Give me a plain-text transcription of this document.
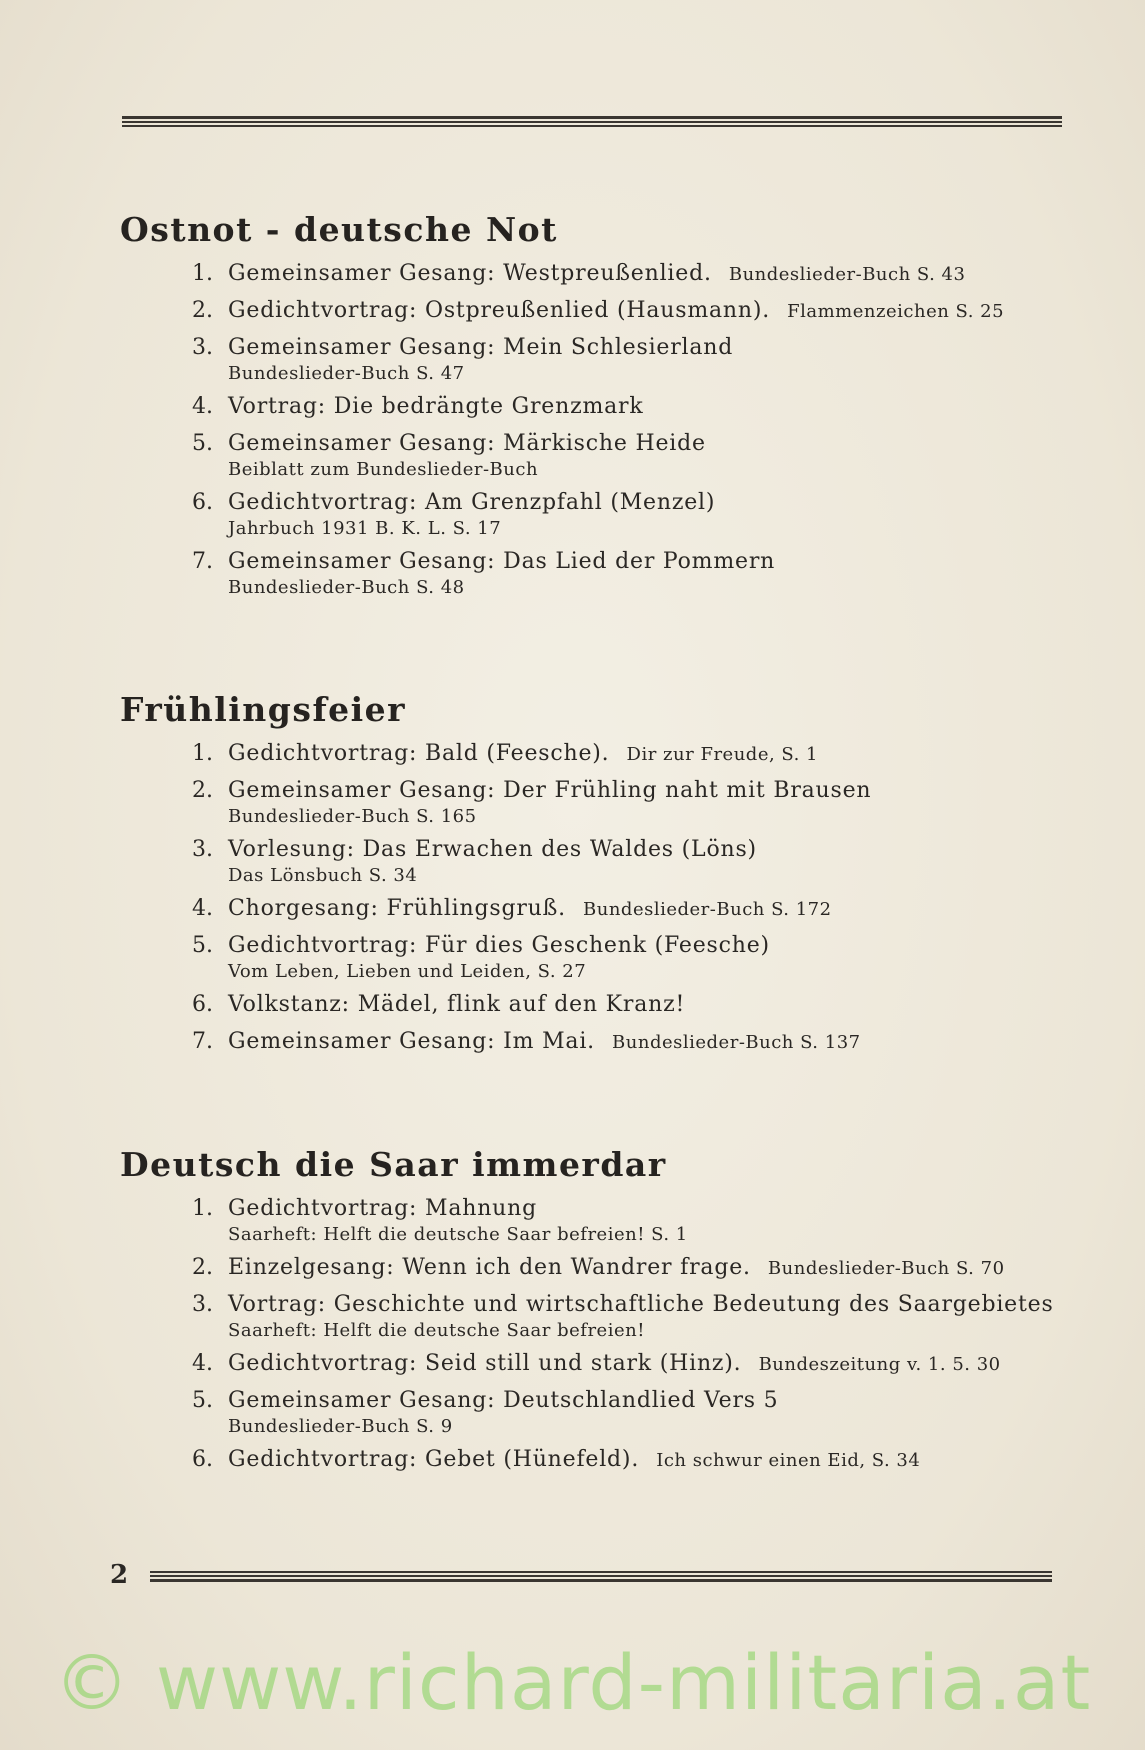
Ostnot - deutsche Not
1. Gemeinsamer Gesang: Westpreußenlied. Bundeslieder-Buch S. 43
2. Gedichtvortrag: Ostpreußenlied (Hausmann). Flammenzeichen S. 25
3. Gemeinsamer Gesang: Mein Schlesierland
Bundeslieder-Buch S. 47
4. Vortrag: Die bedrängte Grenzmark
5. Gemeinsamer Gesang: Märkische Heide
Beiblatt zum Bundeslieder-Buch
6. Gedichtvortrag: Am Grenzpfahl (Menzel)
Jahrbuch 1931 B. K. L. S. 17
7. Gemeinsamer Gesang: Das Lied der Pommern
Bundeslieder-Buch S. 48
Frühlingsfeier
1. Gedichtvortrag: Bald (Feesche). Dir zur Freude, S. 1
2. Gemeinsamer Gesang: Der Frühling naht mit Brausen
Bundeslieder-Buch S. 165
3. Vorlesung: Das Erwachen des Waldes (Löns)
Das Lönsbuch S. 34
4. Chorgesang: Frühlingsgruß. Bundeslieder-Buch S. 172
5. Gedichtvortrag: Für dies Geschenk (Feesche)
Vom Leben, Lieben und Leiden, S. 27
6. Volkstanz: Mädel, flink auf den Kranz!
7. Gemeinsamer Gesang: Im Mai. Bundeslieder-Buch S. 137
Deutsch die Saar immerdar
1. Gedichtvortrag: Mahnung
Saarheft: Helft die deutsche Saar befreien! S. 1
2. Einzelgesang: Wenn ich den Wandrer frage. Bundeslieder-Buch S. 70
3. Vortrag: Geschichte und wirtschaftliche Bedeutung des Saargebietes
Saarheft: Helft die deutsche Saar befreien!
4. Gedichtvortrag: Seid still und stark (Hinz). Bundeszeitung v. 1. 5. 30
5. Gemeinsamer Gesang: Deutschlandlied Vers 5
Bundeslieder-Buch S. 9
6. Gedichtvortrag: Gebet (Hünefeld). Ich schwur einen Eid, S. 34
2
© www.richard-militaria.at
